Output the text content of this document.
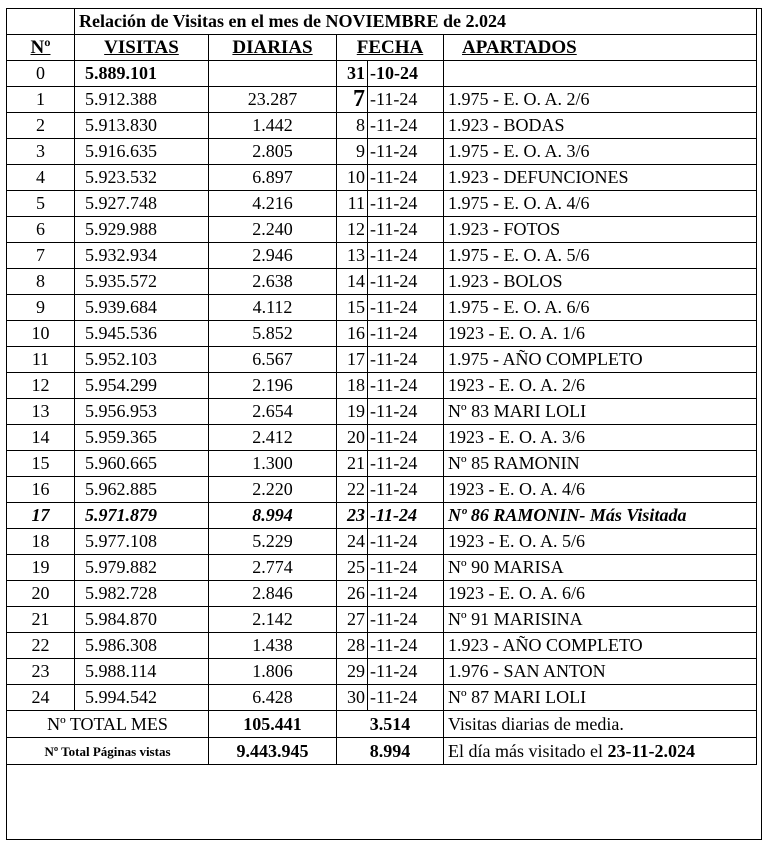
	Relación de Visitas en el mes de NOVIEMBRE de 2.024				
Nº	VISITAS	DIARIAS	FECHA		APARTADOS
0	5.889.101		31	-10-24	
1	5.912.388	23.287	7	-11-24	1.975 - E. O. A. 2/6
2	5.913.830	1.442	8	-11-24	1.923 - BODAS
3	5.916.635	2.805	9	-11-24	1.975 - E. O. A. 3/6
4	5.923.532	6.897	10	-11-24	1.923 - DEFUNCIONES
5	5.927.748	4.216	11	-11-24	1.975 - E. O. A. 4/6
6	5.929.988	2.240	12	-11-24	1.923 - FOTOS
7	5.932.934	2.946	13	-11-24	1.975 - E. O. A. 5/6
8	5.935.572	2.638	14	-11-24	1.923 - BOLOS
9	5.939.684	4.112	15	-11-24	1.975 - E. O. A. 6/6
10	5.945.536	5.852	16	-11-24	1923 - E. O. A. 1/6
11	5.952.103	6.567	17	-11-24	1.975 - AÑO COMPLETO
12	5.954.299	2.196	18	-11-24	1923 - E. O. A. 2/6
13	5.956.953	2.654	19	-11-24	Nº 83 MARI LOLI
14	5.959.365	2.412	20	-11-24	1923 - E. O. A. 3/6
15	5.960.665	1.300	21	-11-24	Nº 85 RAMONIN
16	5.962.885	2.220	22	-11-24	1923 - E. O. A. 4/6
17	5.971.879	8.994	23	-11-24	Nº 86 RAMONIN- Más Visitada
18	5.977.108	5.229	24	-11-24	1923 - E. O. A. 5/6
19	5.979.882	2.774	25	-11-24	Nº 90 MARISA
20	5.982.728	2.846	26	-11-24	1923 - E. O. A. 6/6
21	5.984.870	2.142	27	-11-24	Nº 91 MARISINA
22	5.986.308	1.438	28	-11-24	1.923 - AÑO COMPLETO
23	5.988.114	1.806	29	-11-24	1.976 - SAN ANTON
24	5.994.542	6.428	30	-11-24	Nº 87 MARI LOLI
Nº TOTAL MES		105.441	3.514		Visitas diarias de media.
Nº Total Páginas vistas		9.443.945	8.994		El día más visitado el 23-11-2.024
